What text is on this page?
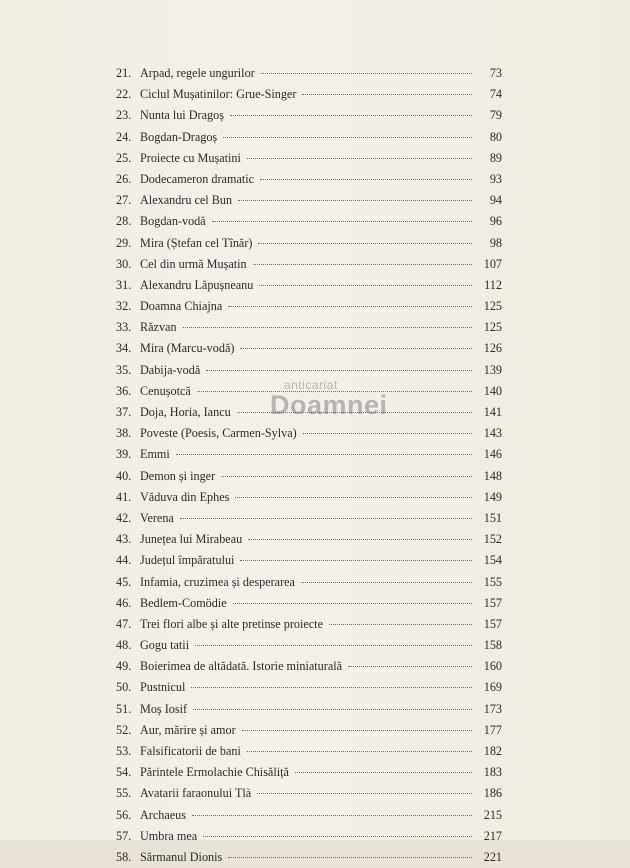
anticariat
Doamnei
21. Arpad, regele ungurilor	73
22. Ciclul Mușatinilor: Grue-Singer	74
23. Nunta lui Dragoș	79
24. Bogdan-Dragoș	80
25. Proiecte cu Mușatini	89
26. Dodecameron dramatic	93
27. Alexandru cel Bun	94
28. Bogdan-vodă	96
29. Mira (Ștefan cel Tînăr)	98
30. Cel din urmă Mușatin	107
31. Alexandru Lăpușneanu	112
32. Doamna Chiajna	125
33. Răzvan	125
34. Mira (Marcu-vodă)	126
35. Dabija-vodă	139
36. Cenușotcă	140
37. Doja, Horia, Iancu	141
38. Poveste (Poesis, Carmen-Sylva)	143
39. Emmi	146
40. Demon și inger	148
41. Văduva din Ephes	149
42. Verena	151
43. Junețea lui Mirabeau	152
44. Județul împăratului	154
45. Infamia, cruzimea și desperarea	155
46. Bedlem-Comödie	157
47. Trei flori albe și alte pretinse proiecte	157
48. Gogu tatii	158
49. Boierimea de altădată. Istorie miniaturală	160
50. Pustnicul	169
51. Moș Iosif	173
52. Aur, mărire și amor	177
53. Falsificatorii de bani	182
54. Părintele Ermolachie Chisăliță	183
55. Avatarii faraonului Tlà	186
56. Archaeus	215
57. Umbra mea	217
58. Sărmanul Dionis	221
